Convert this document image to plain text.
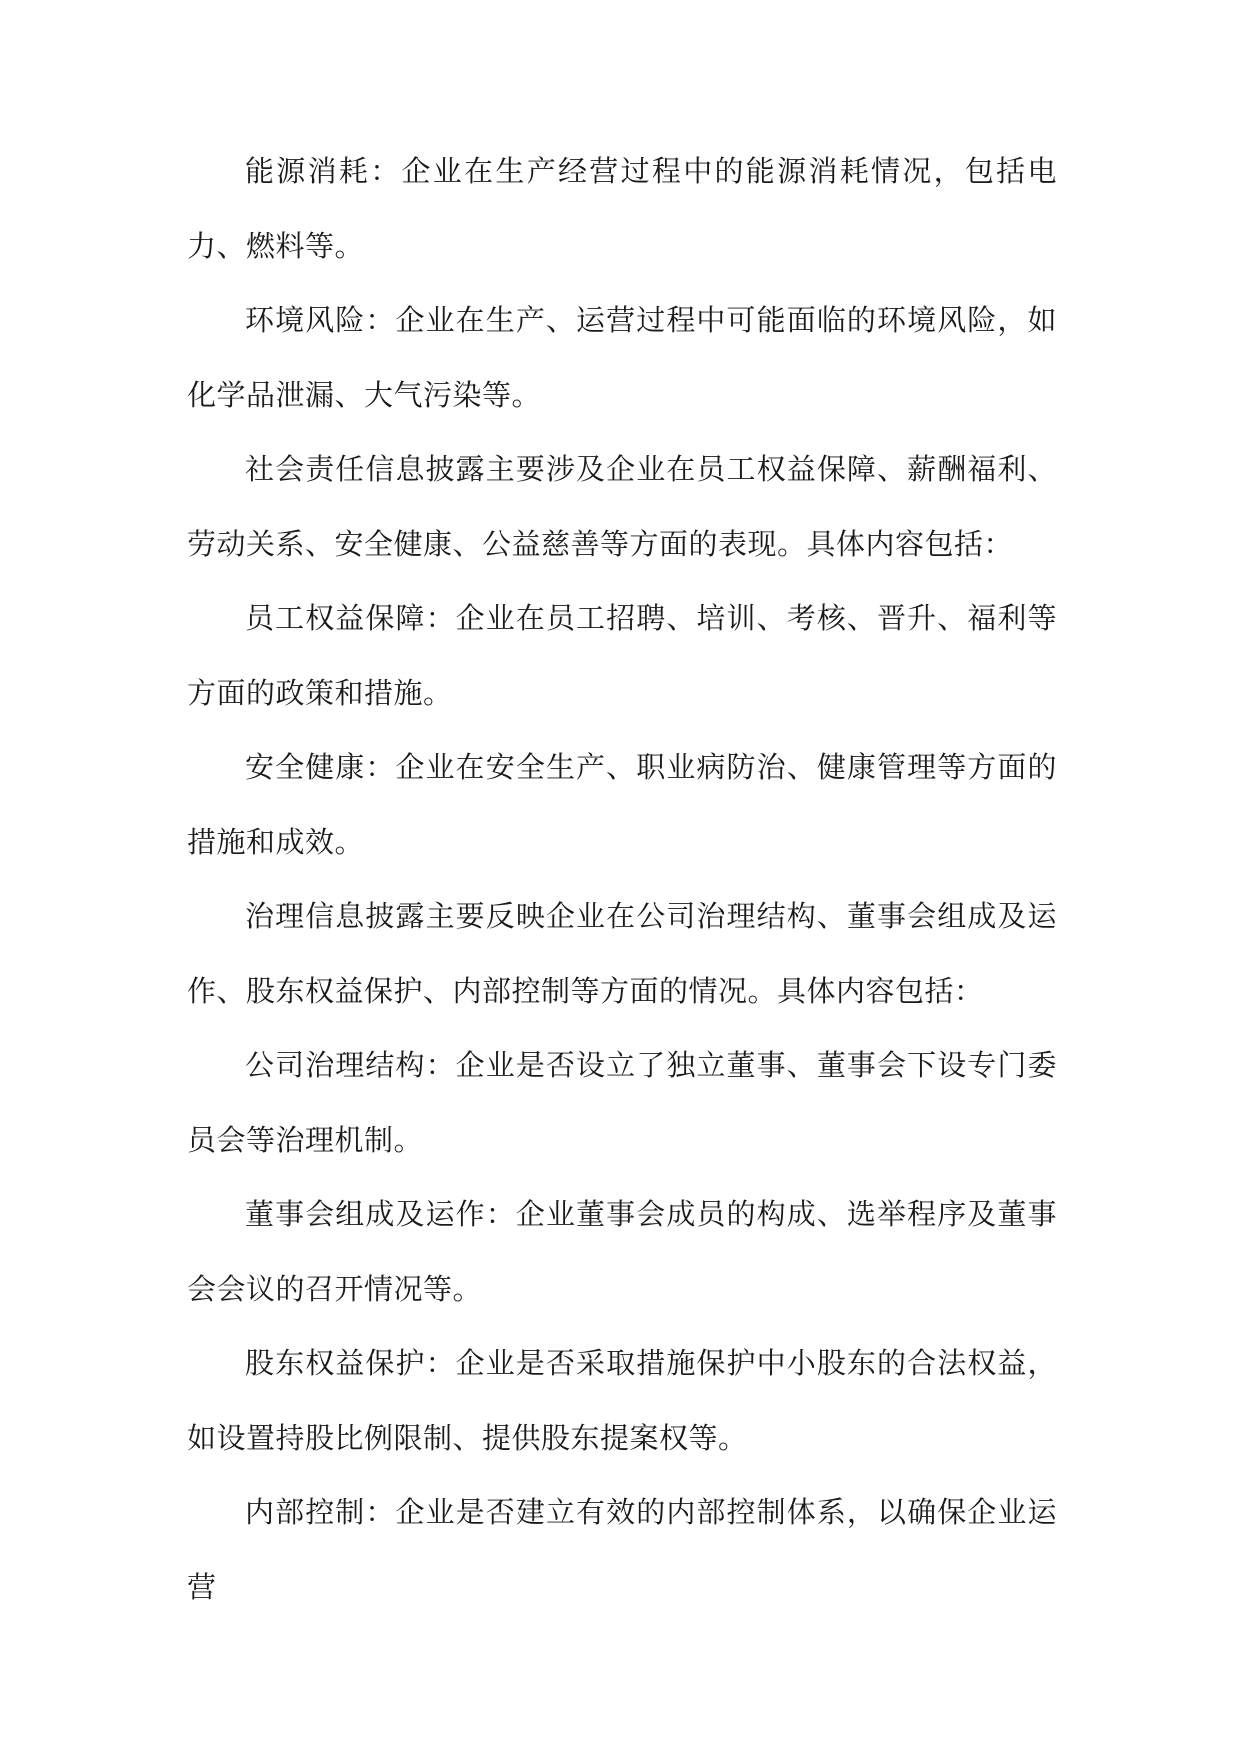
能源消耗：企业在生产经营过程中的能源消耗情况，包括电力、燃料等。

环境风险：企业在生产、运营过程中可能面临的环境风险，如化学品泄漏、大气污染等。

社会责任信息披露主要涉及企业在员工权益保障、薪酬福利、劳动关系、安全健康、公益慈善等方面的表现。具体内容包括：

员工权益保障：企业在员工招聘、培训、考核、晋升、福利等方面的政策和措施。

安全健康：企业在安全生产、职业病防治、健康管理等方面的措施和成效。

治理信息披露主要反映企业在公司治理结构、董事会组成及运作、股东权益保护、内部控制等方面的情况。具体内容包括：

公司治理结构：企业是否设立了独立董事、董事会下设专门委员会等治理机制。

董事会组成及运作：企业董事会成员的构成、选举程序及董事会会议的召开情况等。

股东权益保护：企业是否采取措施保护中小股东的合法权益，如设置持股比例限制、提供股东提案权等。

内部控制：企业是否建立有效的内部控制体系，以确保企业运营
